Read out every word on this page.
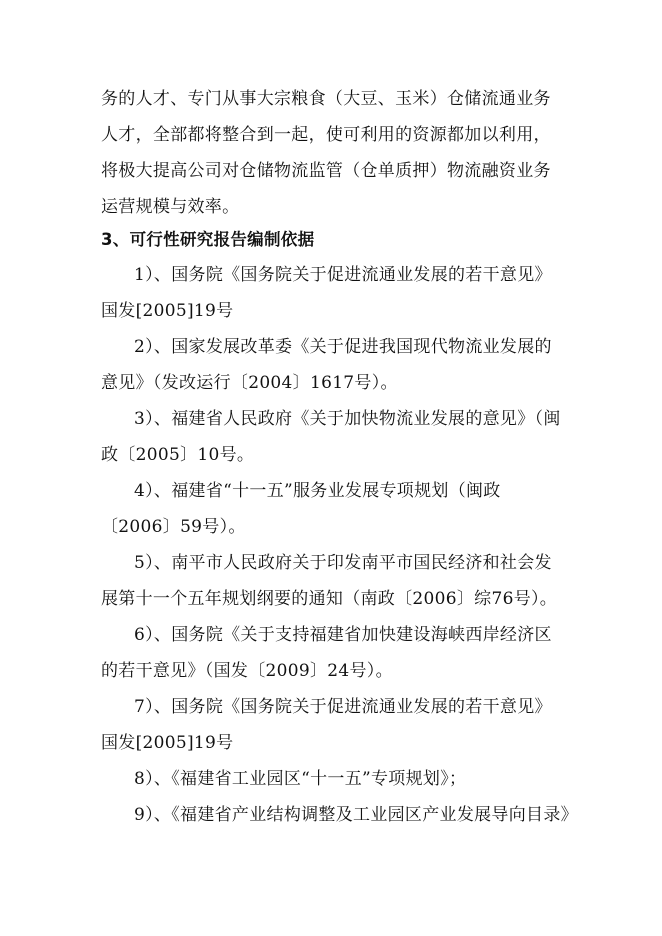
务的人才、专门从事大宗粮食（大豆、玉米）仓储流通业务
人才，全部都将整合到一起，使可利用的资源都加以利用，
将极大提高公司对仓储物流监管（仓单质押）物流融资业务
运营规模与效率。
3、可行性研究报告编制依据
1）、国务院《国务院关于促进流通业发展的若干意见》
国发[2005]19号
2）、国家发展改革委《关于促进我国现代物流业发展的
意见》（发改运行〔2004〕1617号）。
3）、福建省人民政府《关于加快物流业发展的意见》（闽
政〔2005〕10号。
4）、福建省“十一五”服务业发展专项规划（闽政
〔2006〕59号）。
5）、南平市人民政府关于印发南平市国民经济和社会发
展第十一个五年规划纲要的通知（南政〔2006〕综76号）。
6）、国务院《关于支持福建省加快建设海峡西岸经济区
的若干意见》（国发〔2009〕24号）。
7）、国务院《国务院关于促进流通业发展的若干意见》
国发[2005]19号
8）、《福建省工业园区“十一五”专项规划》；
9）、《福建省产业结构调整及工业园区产业发展导向目录》
